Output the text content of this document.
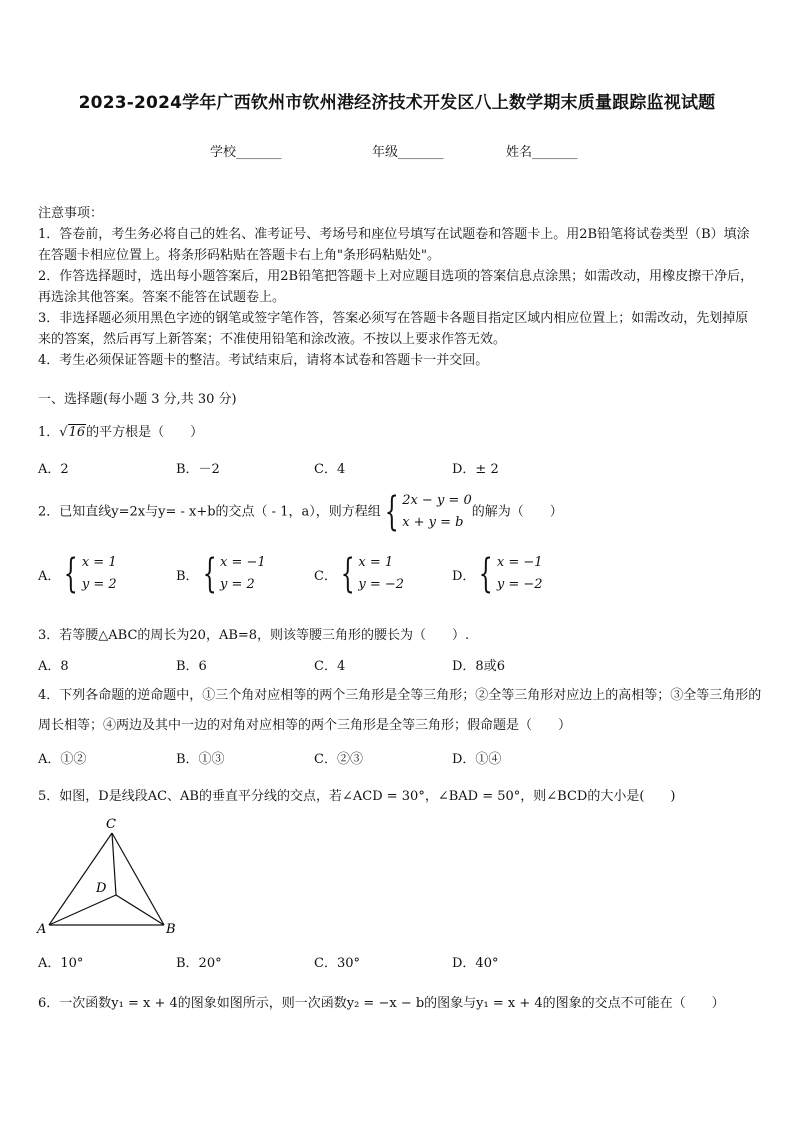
2023-2024学年广西钦州市钦州港经济技术开发区八上数学期末质量跟踪监视试题
学校_______	年级_______	姓名_______

注意事项：

1．答卷前，考生务必将自己的姓名、准考证号、考场号和座位号填写在试题卷和答题卡上。用2B铅笔将试卷类型（B）填涂在答题卡相应位置上。将条形码粘贴在答题卡右上角"条形码粘贴处"。

2．作答选择题时，选出每小题答案后，用2B铅笔把答题卡上对应题目选项的答案信息点涂黑；如需改动，用橡皮擦干净后，再选涂其他答案。答案不能答在试题卷上。

3．非选择题必须用黑色字迹的钢笔或签字笔作答，答案必须写在答题卡各题目指定区域内相应位置上；如需改动，先划掉原来的答案，然后再写上新答案；不准使用铅笔和涂改液。不按以上要求作答无效。

4．考生必须保证答题卡的整洁。考试结束后，请将本试卷和答题卡一并交回。

一、选择题(每小题 3 分,共 30 分)
1．√16的平方根是（　　）
A．2	B．－2	C．4	D．± 2
2．已知直线y=2x与y= - x+b的交点（ - 1，a），则方程组 { 2x − y = 0
x + y = b
的解为（　　）
A． { x = 1
y = 2
B． { x = −1
y = 2
C． { x = 1
y = −2
D． { x = −1
y = −2
3．若等腰△ABC的周长为20，AB=8，则该等腰三角形的腰长为（　　）.
A．8	B．6	C．4	D．8或6
4．下列各命题的逆命题中，①三个角对应相等的两个三角形是全等三角形；②全等三角形对应边上的高相等；③全等三角形的周长相等；④两边及其中一边的对角对应相等的两个三角形是全等三角形；假命题是（　　）
A．①②	B．①③	C．②③	D．①④
5．如图，D是线段AC、AB的垂直平分线的交点，若∠ACD = 30°，∠BAD = 50°，则∠BCD的大小是(　　)
C
D
A	B
A．10°	B．20°	C．30°	D．40°
6．一次函数y₁ = x + 4的图象如图所示，则一次函数y₂ = −x − b的图象与y₁ = x + 4的图象的交点不可能在（　　）
